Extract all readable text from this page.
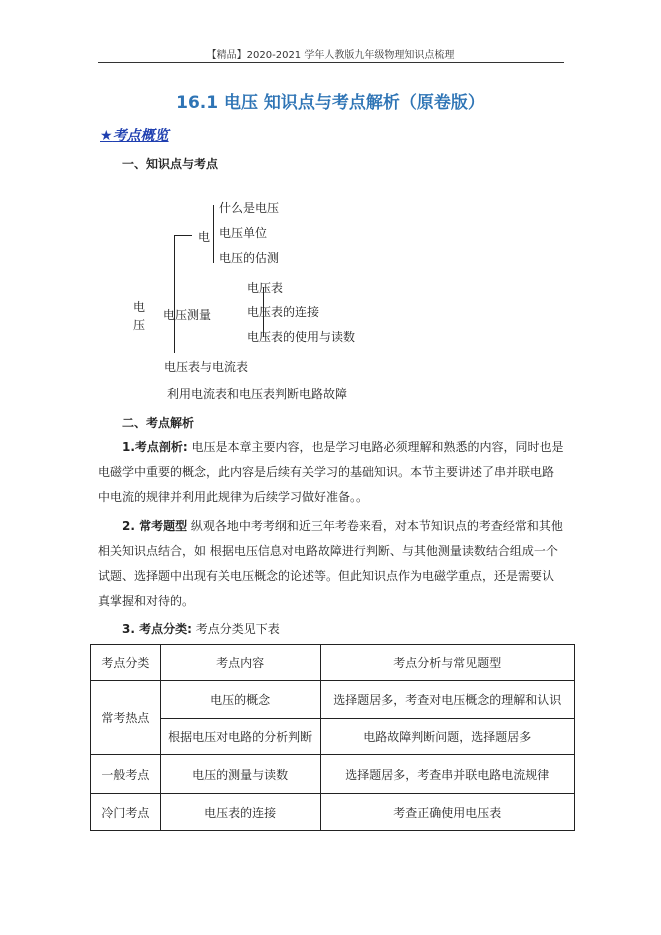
【精品】2020-2021 学年人教版九年级物理知识点梳理
16.1 电压 知识点与考点解析（原卷版）
★考点概览
一、知识点与考点
电 压
电
什么是电压
电压单位
电压的估测
电压测量
电压表
电压表的连接
电压表的使用与读数
电压表与电流表
利用电流表和电压表判断电路故障
二、考点解析
1.考点剖析: 电压是本章主要内容，也是学习电路必须理解和熟悉的内容，同时也是电磁学中重要的概念，此内容是后续有关学习的基础知识。本节主要讲述了串并联电路中电流的规律并利用此规律为后续学习做好准备。。
2. 常考题型 纵观各地中考考纲和近三年考卷来看，对本节知识点的考查经常和其他相关知识点结合，如 根据电压信息对电路故障进行判断、与其他测量读数结合组成一个试题、选择题中出现有关电压概念的论述等。但此知识点作为电磁学重点，还是需要认真掌握和对待的。
3. 考点分类: 考点分类见下表
考点分类	考点内容	考点分析与常见题型
常考热点	电压的概念	选择题居多，考查对电压概念的理解和认识
	根据电压对电路的分析判断	电路故障判断问题，选择题居多
一般考点	电压的测量与读数	选择题居多，考查串并联电路电流规律
冷门考点	电压表的连接	考查正确使用电压表
